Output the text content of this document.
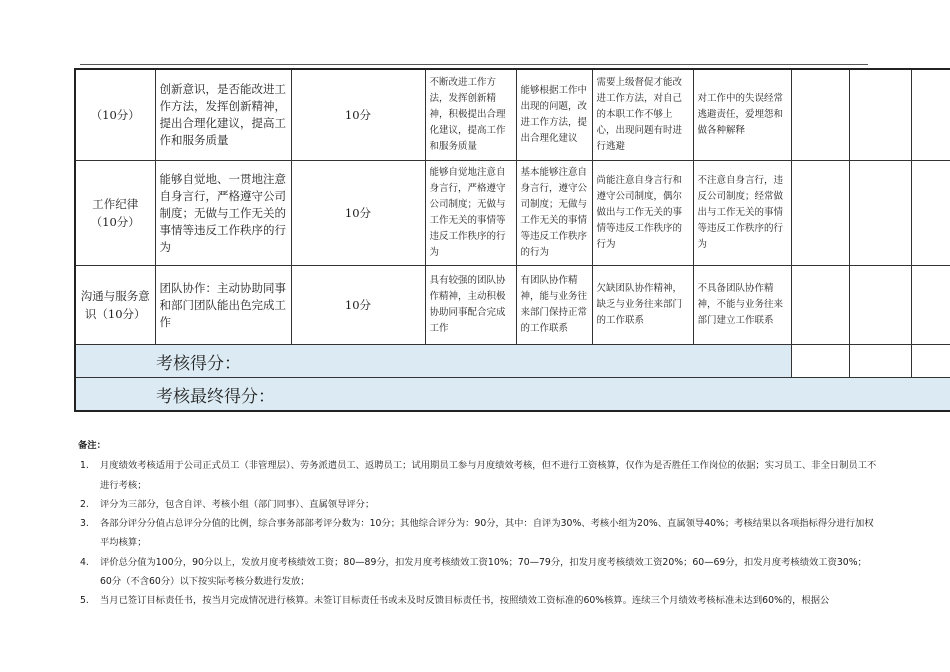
（10分）	创新意识，是否能改进工作方法，发挥创新精神，提出合理化建议，提高工作和服务质量	10分	不断改进工作方法，发挥创新精神，积极提出合理化建议，提高工作和服务质量	能够根据工作中出现的问题，改进工作方法，提出合理化建议	需要上级督促才能改进工作方法，对自己的本职工作不够上心，出现问题有时进行逃避	对工作中的失误经常逃避责任，爱埋怨和做各种解释			
工作纪律（10分）	能够自觉地、一贯地注意自身言行，严格遵守公司制度；无做与工作无关的事情等违反工作秩序的行为	10分	能够自觉地注意自身言行，严格遵守公司制度；无做与工作无关的事情等违反工作秩序的行为	基本能够注意自身言行，遵守公司制度；无做与工作无关的事情等违反工作秩序的行为	尚能注意自身言行和遵守公司制度，偶尔做出与工作无关的事情等违反工作秩序的行为	不注意自身言行，违反公司制度；经常做出与工作无关的事情等违反工作秩序的行为			
沟通与服务意识（10分）	团队协作：主动协助同事和部门团队能出色完成工作	10分	具有较强的团队协作精神，主动积极协助同事配合完成工作	有团队协作精神，能与业务往来部门保持正常的工作联系	欠缺团队协作精神，缺乏与业务往来部门的工作联系	不具备团队协作精神，不能与业务往来部门建立工作联系			
考核得分：									
考核最终得分：									
备注：
1. 月度绩效考核适用于公司正式员工（非管理层）、劳务派遣员工、返聘员工；试用期员工参与月度绩效考核，但不进行工资核算，仅作为是否胜任工作岗位的依据；实习员工、非全日制员工不进行考核；
2. 评分为三部分，包含自评、考核小组（部门同事）、直属领导评分；
3. 各部分评分分值占总评分分值的比例，综合事务部部考评分数为：10分；其他综合评分为：90分，其中：自评为30%、考核小组为20%、直属领导40%；考核结果以各项指标得分进行加权平均核算；
4. 评价总分值为100分，90分以上，发放月度考核绩效工资；80—89分，扣发月度考核绩效工资10%；70—79分，扣发月度考核绩效工资20%；60—69分，扣发月度考核绩效工资30%；60分（不含60分）以下按实际考核分数进行发放；
5. 当月已签订目标责任书，按当月完成情况进行核算。未签订目标责任书或未及时反馈目标责任书，按照绩效工资标准的60%核算。连续三个月绩效考核标准未达到60%的，根据公
